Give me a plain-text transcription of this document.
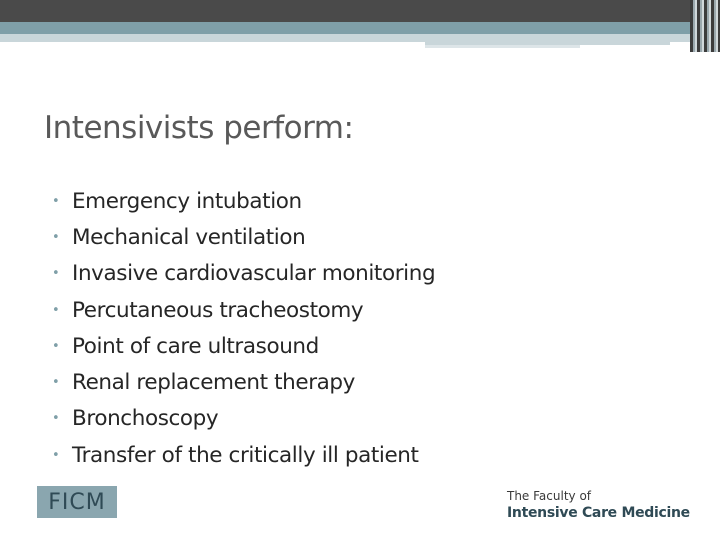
Intensivists perform:
• Emergency intubation
• Mechanical ventilation
• Invasive cardiovascular monitoring
• Percutaneous tracheostomy
• Point of care ultrasound
• Renal replacement therapy
• Bronchoscopy
• Transfer of the critically ill patient
FICM	The Faculty of
Intensive Care Medicine
